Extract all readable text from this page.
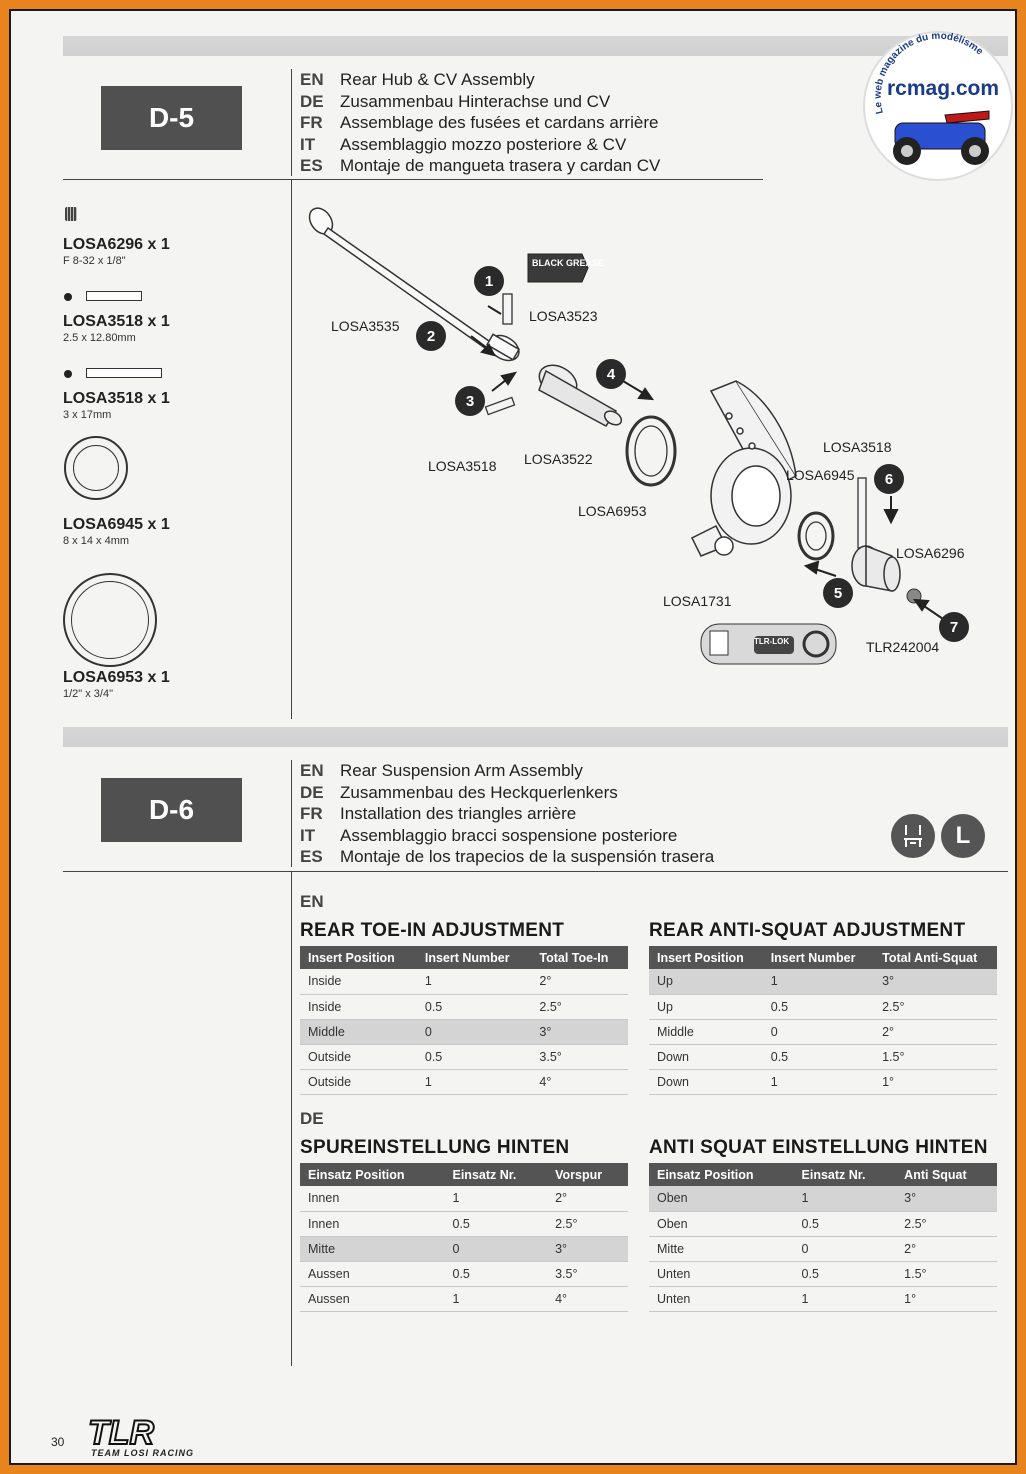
D-5
EN Rear Hub & CV Assembly
DE Zusammenbau Hinterachse und CV
FR	Assemblage des fusées et cardans arrière
IT	Assemblaggio mozzo posteriore & CV
ES	Montaje de mangueta trasera y cardan CV
LOSA6296 x 1
F 8-32 x 1/8"
LOSA3518 x 1
2.5 x 12.80mm
LOSA3518 x 1
3 x 17mm
LOSA6945 x 1
8 x 14 x 4mm
LOSA6953 x 1
1/2" x 3/4"
BLACK GREASE
1
2
3
4
5
6
7
LOSA3535
LOSA3523
LOSA3518 LOSA3522
LOSA6953
LOSA3518
LOSA6945
LOSA6296
LOSA1731
TLR242004
TLR-LOK
D-6
EN Rear Suspension Arm Assembly
DE Zusammenbau des Heckquerlenkers
FR	Installation des triangles arrière
IT	Assemblaggio bracci sospensione posteriore
ES	Montaje de los trapecios de la suspensión trasera
L
EN
REAR TOE-IN ADJUSTMENT
Insert Position	Insert Number	Total Toe-In
Inside	1	2°
Inside	0.5	2.5°
Middle	0	3°
Outside	0.5	3.5°
Outside	1	4°
REAR ANTI-SQUAT ADJUSTMENT
Insert Position	Insert Number	Total Anti-Squat
Up	1	3°
Up	0.5	2.5°
Middle	0	2°
Down	0.5	1.5°
Down	1	1°
DE
SPUREINSTELLUNG HINTEN
Einsatz Position	Einsatz Nr.	Vorspur
Innen	1	2°
Innen	0.5	2.5°
Mitte	0	3°
Aussen	0.5	3.5°
Aussen	1	4°
ANTI SQUAT EINSTELLUNG HINTEN
Einsatz Position	Einsatz Nr.	Anti Squat
Oben	1	3°
Oben	0.5	2.5°
Mitte	0	2°
Unten	0.5	1.5°
Unten	1	1°
Le web magazine du modélisme
rcmag.com
30 TLR
TEAM LOSI RACING
